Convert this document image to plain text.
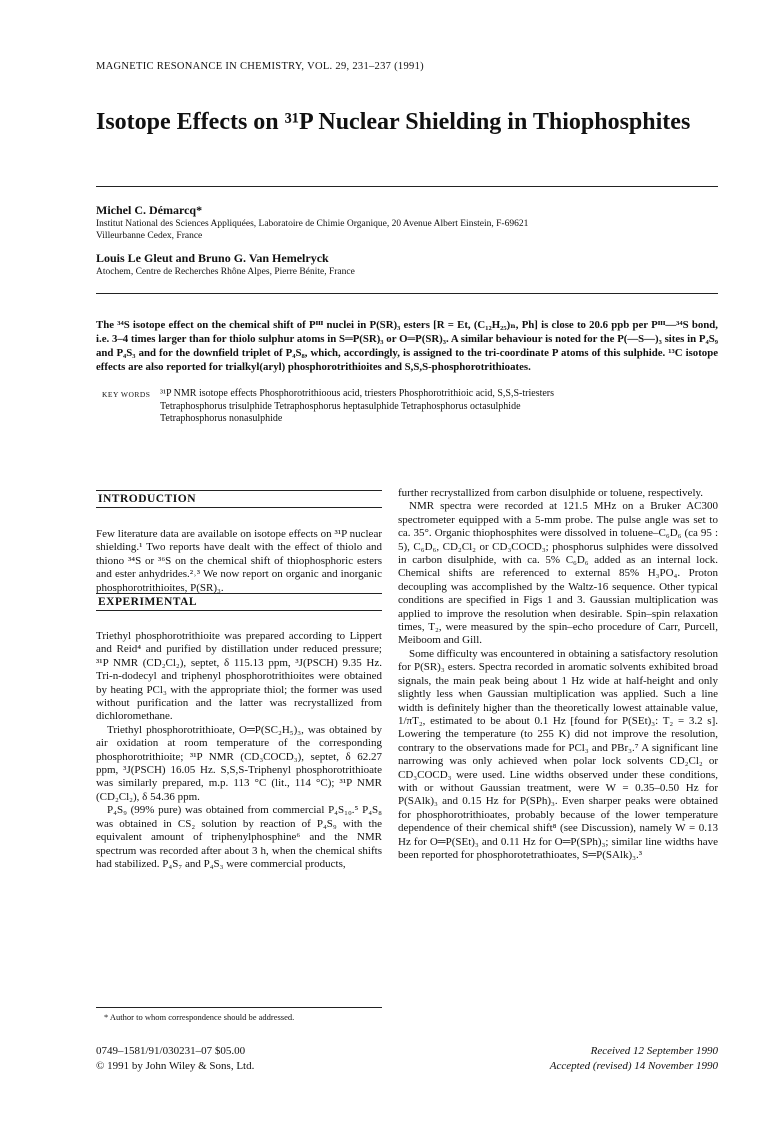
MAGNETIC RESONANCE IN CHEMISTRY, VOL. 29, 231–237 (1991)
Isotope Effects on ³¹P Nuclear Shielding in Thiophosphites
Michel C. Démarcq*
Institut National des Sciences Appliquées, Laboratoire de Chimie Organique, 20 Avenue Albert Einstein, F-69621
Villeurbanne Cedex, France
Louis Le Gleut and Bruno G. Van Hemelryck
Atochem, Centre de Recherches Rhône Alpes, Pierre Bénite, France
The ³⁴S isotope effect on the chemical shift of Pᴵᴵᴵ nuclei in P(SR)₃ esters [R = Et, (C₁₂H₂₅)ₙ, Ph] is close to 20.6 ppb per Pᴵᴵᴵ—³⁴S bond, i.e. 3–4 times larger than for thiolo sulphur atoms in S═P(SR)₃ or O═P(SR)₃. A similar behaviour is noted for the P(—S—)₃ sites in P₄S₉ and P₄S₃ and for the downfield triplet of P₄S₈, which, accordingly, is assigned to the tri-coordinate P atoms of this sulphide. ¹³C isotope effects are also reported for trialkyl(aryl) phosphorotrithioites and S,S,S-phosphorotrithioates.
KEY WORDS ³¹P NMR isotope effects Phosphorotrithioous acid, triesters Phosphorotrithioic acid, S,S,S-triesters
Tetraphosphorus trisulphide Tetraphosphorus heptasulphide Tetraphosphorus octasulphide
Tetraphosphorus nonasulphide
INTRODUCTION

Few literature data are available on isotope effects on ³¹P nuclear shielding.¹ Two reports have dealt with the effect of thiolo and thiono ³⁴S or ³⁶S on the chemical shift of thiophosphoric esters and ester anhydrides.²˒³ We now report on organic and inorganic phosphorotrithioites, P(SR)₃.

EXPERIMENTAL

Triethyl phosphorotrithioite was prepared according to Lippert and Reid⁴ and purified by distillation under reduced pressure; ³¹P NMR (CD₂Cl₂), septet, δ 115.13 ppm, ³J(PSCH) 9.35 Hz. Tri-n-dodecyl and triphenyl phosphorotrithioites were obtained by heating PCl₃ with the appropriate thiol; the former was used without purification and the latter was recrystallized from dichloromethane.

Triethyl phosphorotrithioate, O═P(SC₂H₅)₃, was obtained by air oxidation at room temperature of the corresponding phosphorotrithioite; ³¹P NMR (CD₃COCD₃), septet, δ 62.27 ppm, ³J(PSCH) 16.05 Hz. S,S,S-Triphenyl phosphorotrithioate was similarly prepared, m.p. 113 °C (lit., 114 °C); ³¹P NMR (CD₂Cl₂), δ 54.36 ppm.

P₄S₉ (99% pure) was obtained from commercial P₄S₁₀.⁵ P₄S₈ was obtained in CS₂ solution by reaction of P₄S₉ with the equivalent amount of triphenylphosphine⁶ and the NMR spectrum was recorded after about 3 h, when the chemical shifts had stabilized. P₄S₇ and P₄S₃ were commercial products,

* Author to whom correspondence should be addressed.
0749–1581/91/030231–07 $05.00
© 1991 by John Wiley & Sons, Ltd.

further recrystallized from carbon disulphide or toluene, respectively.

NMR spectra were recorded at 121.5 MHz on a Bruker AC300 spectrometer equipped with a 5-mm probe. The pulse angle was set to ca. 35°. Organic thiophosphites were dissolved in toluene–C₆D₆ (ca 95 : 5), C₆D₆, CD₂Cl₂ or CD₃COCD₃; phosphorus sulphides were dissolved in carbon disulphide, with ca. 5% C₆D₆ added as an internal lock. Chemical shifts are referenced to external 85% H₃PO₄. Proton decoupling was accomplished by the Waltz-16 sequence. Other typical conditions are specified in Figs 1 and 3. Gaussian multiplication was applied to improve the resolution when desirable. Spin–spin relaxation times, T₂, were measured by the spin–echo procedure of Carr, Purcell, Meiboom and Gill.

Some difficulty was encountered in obtaining a satisfactory resolution for P(SR)₃ esters. Spectra recorded in aromatic solvents exhibited broad signals, the main peak being about 1 Hz wide at half-height and only slightly less when Gaussian multiplication was applied. Such a line width is definitely higher than the theoretically lowest attainable value, 1/πT₂, estimated to be about 0.1 Hz [found for P(SEt)₃: T₂ = 3.2 s]. Lowering the temperature (to 255 K) did not improve the resolution, contrary to the observations made for PCl₃ and PBr₃.⁷ A significant line narrowing was only achieved when polar lock solvents CD₂Cl₂ or CD₃COCD₃ were used. Line widths observed under these conditions, with or without Gaussian treatment, were W = 0.35–0.50 Hz for P(SAlk)₃ and 0.15 Hz for P(SPh)₃. Even sharper peaks were obtained for phosphorotrithioates, probably because of the lower temperature dependence of their chemical shift⁸ (see Discussion), namely W = 0.13 Hz for O═P(SEt)₃ and 0.11 Hz for O═P(SPh)₃; similar line widths have been reported for phosphorotetrathioates, S═P(SAlk)₃.³

Received 12 September 1990
Accepted (revised) 14 November 1990
